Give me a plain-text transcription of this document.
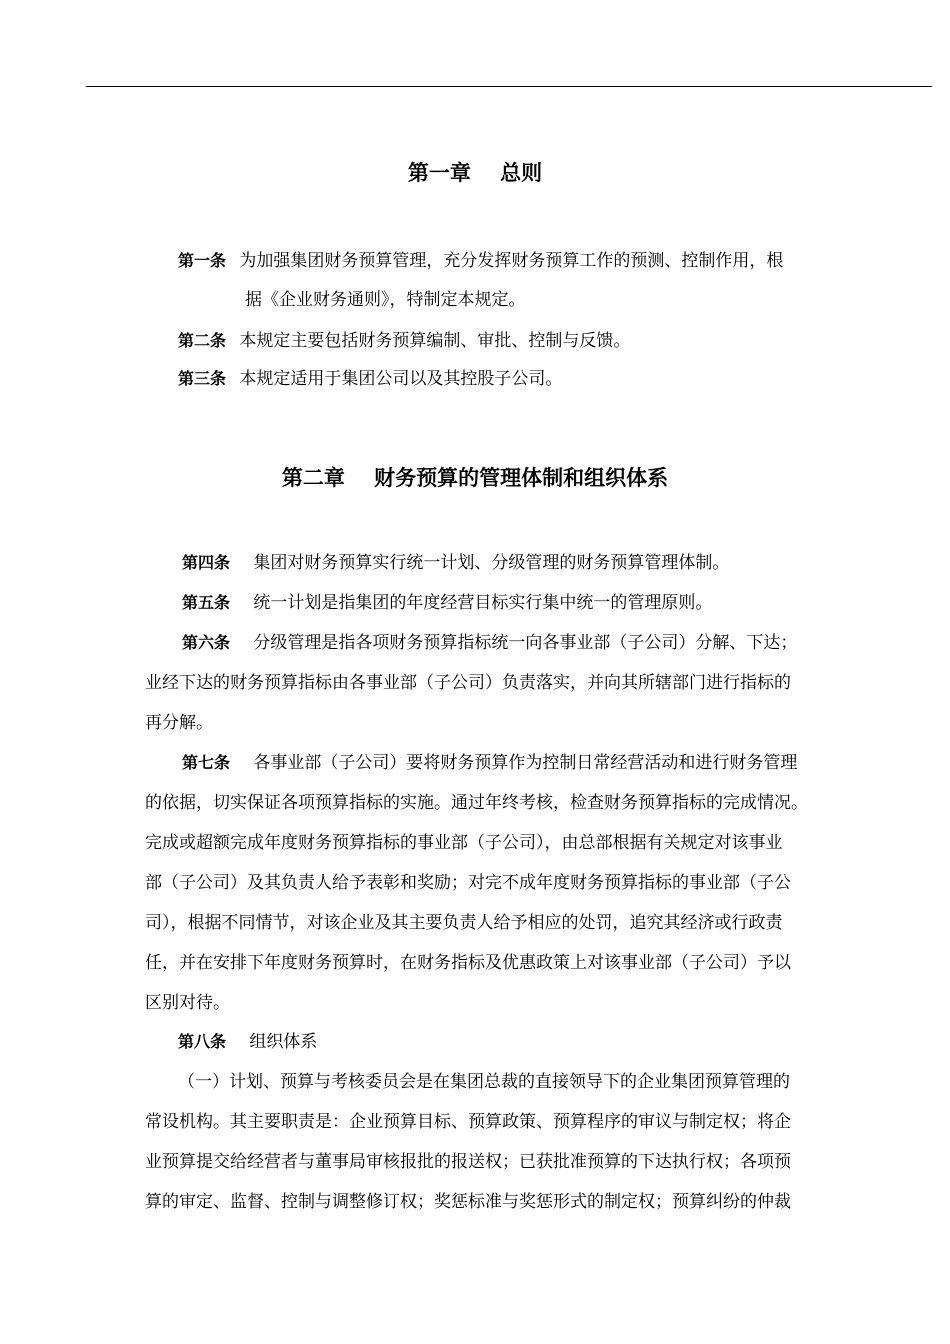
第一章    总则
第一条 为加强集团财务预算管理，充分发挥财务预算工作的预测、控制作用，根
据《企业财务通则》，特制定本规定。
第二条 本规定主要包括财务预算编制、审批、控制与反馈。
第三条 本规定适用于集团公司以及其控股子公司。
第二章    财务预算的管理体制和组织体系
第四条 集团对财务预算实行统一计划、分级管理的财务预算管理体制。
第五条 统一计划是指集团的年度经营目标实行集中统一的管理原则。
第六条 分级管理是指各项财务预算指标统一向各事业部（子公司）分解、下达；
业经下达的财务预算指标由各事业部（子公司）负责落实，并向其所辖部门进行指标的
再分解。
第七条 各事业部（子公司）要将财务预算作为控制日常经营活动和进行财务管理
的依据，切实保证各项预算指标的实施。通过年终考核，检查财务预算指标的完成情况。
完成或超额完成年度财务预算指标的事业部（子公司），由总部根据有关规定对该事业
部（子公司）及其负责人给予表彰和奖励；对完不成年度财务预算指标的事业部（子公
司），根据不同情节，对该企业及其主要负责人给予相应的处罚，追究其经济或行政责
任，并在安排下年度财务预算时，在财务指标及优惠政策上对该事业部（子公司）予以
区别对待。
第八条 组织体系
（一）计划、预算与考核委员会是在集团总裁的直接领导下的企业集团预算管理的
常设机构。其主要职责是：企业预算目标、预算政策、预算程序的审议与制定权；将企
业预算提交给经营者与董事局审核报批的报送权；已获批准预算的下达执行权；各项预
算的审定、监督、控制与调整修订权；奖惩标准与奖惩形式的制定权；预算纠纷的仲裁
